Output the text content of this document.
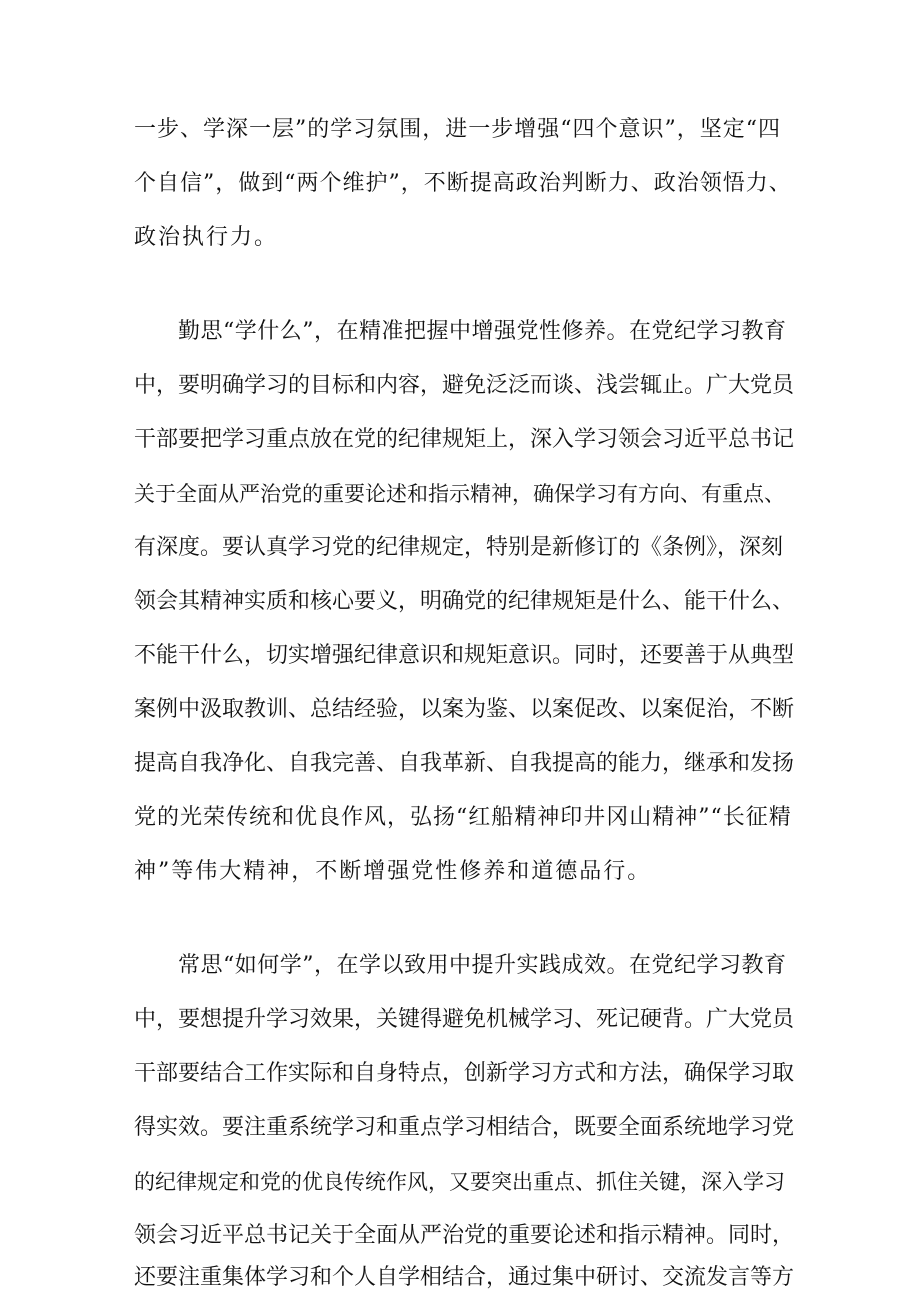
一步、学深一层”的学习氛围，进一步增强“四个意识”，坚定“四
个自信”，做到“两个维护”，不断提高政治判断力、政治领悟力、
政治执行力。
勤思“学什么”，在精准把握中增强党性修养。在党纪学习教育
中，要明确学习的目标和内容，避免泛泛而谈、浅尝辄止。广大党员
干部要把学习重点放在党的纪律规矩上，深入学习领会习近平总书记
关于全面从严治党的重要论述和指示精神，确保学习有方向、有重点、
有深度。要认真学习党的纪律规定，特别是新修订的《条例》，深刻
领会其精神实质和核心要义，明确党的纪律规矩是什么、能干什么、
不能干什么，切实增强纪律意识和规矩意识。同时，还要善于从典型
案例中汲取教训、总结经验，以案为鉴、以案促改、以案促治，不断
提高自我净化、自我完善、自我革新、自我提高的能力，继承和发扬
党的光荣传统和优良作风，弘扬“红船精神印井冈山精神”“长征精
神”等伟大精神，不断增强党性修养和道德品行。
常思“如何学”，在学以致用中提升实践成效。在党纪学习教育
中，要想提升学习效果，关键得避免机械学习、死记硬背。广大党员
干部要结合工作实际和自身特点，创新学习方式和方法，确保学习取
得实效。要注重系统学习和重点学习相结合，既要全面系统地学习党
的纪律规定和党的优良传统作风，又要突出重点、抓住关键，深入学习
领会习近平总书记关于全面从严治党的重要论述和指示精神。同时，
还要注重集体学习和个人自学相结合，通过集中研讨、交流发言等方
